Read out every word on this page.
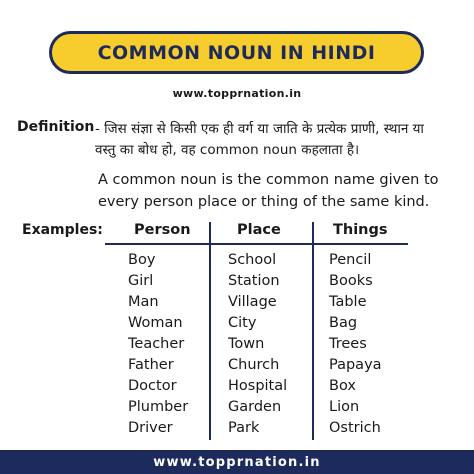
COMMON NOUN IN HINDI
www.topprnation.in
Definition - जिस संज्ञा से किसी एक ही वर्ग या जाति के प्रत्येक प्राणी, स्थान या
वस्तु का बोध हो, वह common noun कहलाता है।
A common noun is the common name given to every person place or thing of the same kind.
Examples: Person	Place	Things
Boy
Girl
Man
Woman
Teacher
Father
Doctor
Plumber
Driver
School
Station
Village
City
Town
Church
Hospital
Garden
Park
Pencil
Books
Table
Bag
Trees
Papaya
Box
Lion
Ostrich
www.topprnation.in
